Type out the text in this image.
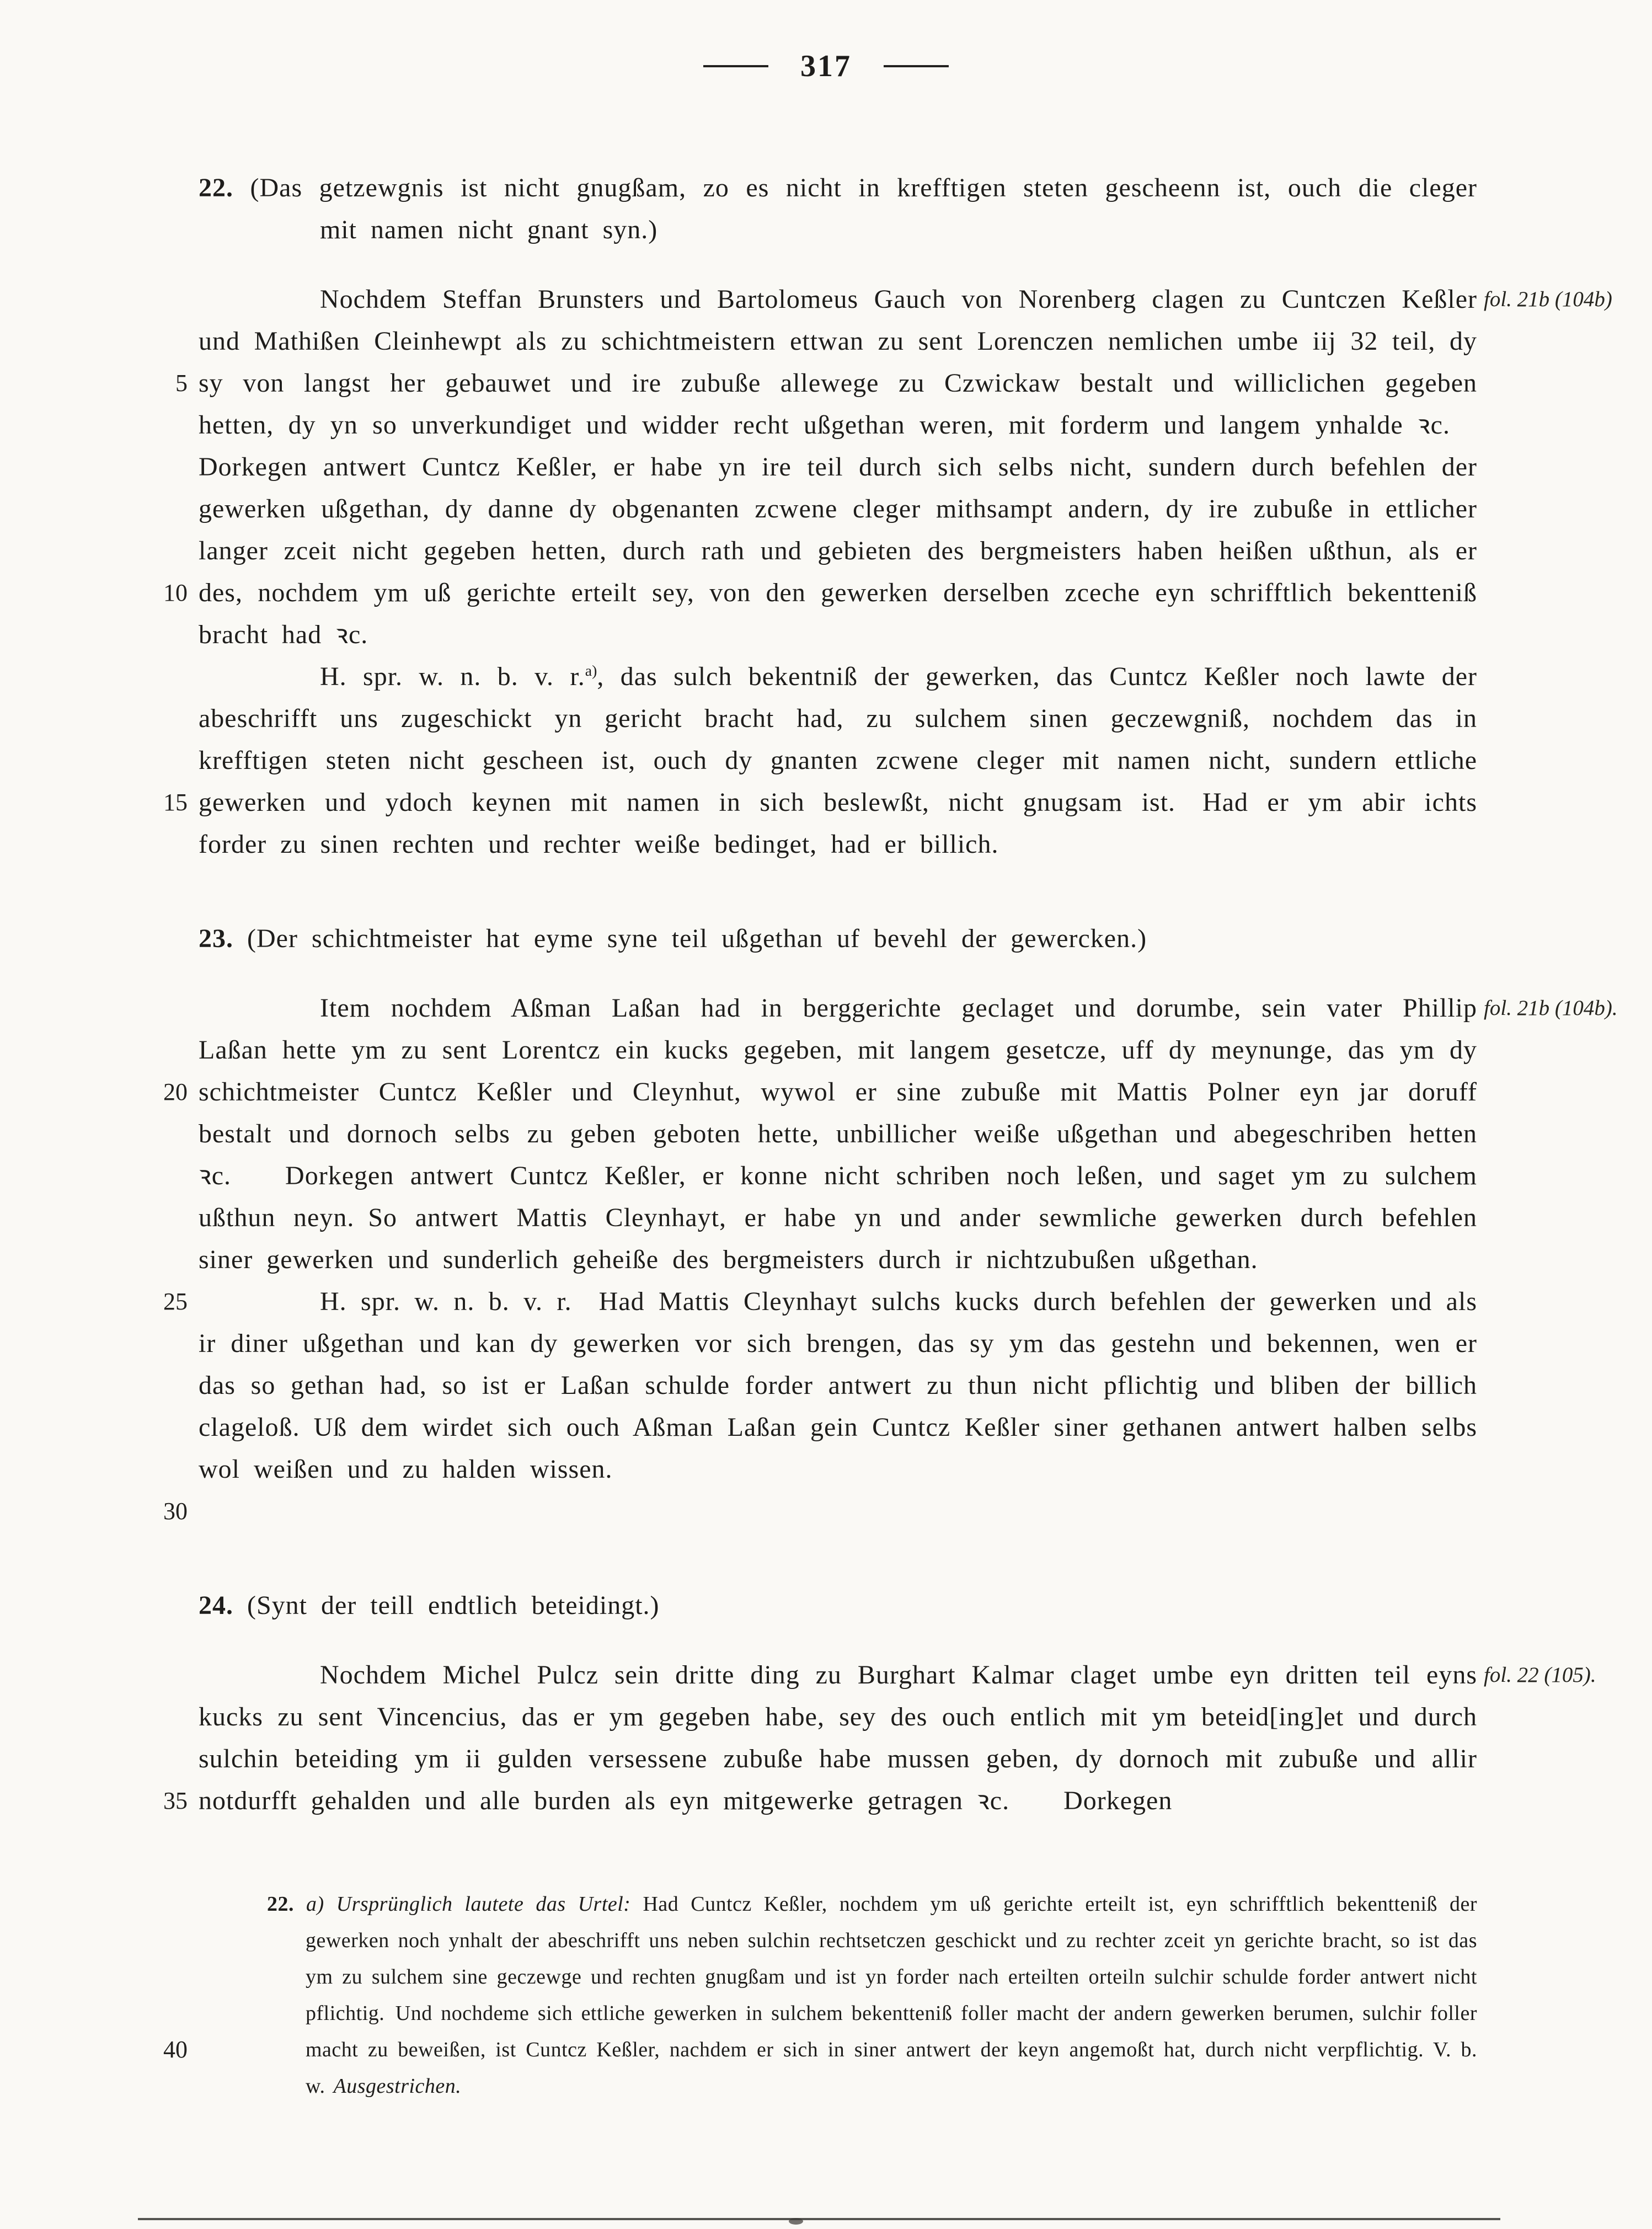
317
5
10
15
20
25
30
35
40
fol. 21b (104b)
fol. 21b (104b).
fol. 22 (105).

22. (Das getzewgnis ist nicht gnugßam, zo es nicht in krefftigen steten gescheenn ist, ouch die cleger mit namen nicht gnant syn.)

Nochdem Steffan Brunsters und Bartolomeus Gauch von Norenberg clagen zu Cuntczen Keßler und Mathißen Cleinhewpt als zu schichtmeistern ettwan zu sent Lorenczen nemlichen umbe iij 32 teil, dy sy von langst her gebauwet und ire zubuße allewege zu Czwickaw bestalt und williclichen gegeben hetten, dy yn so unverkundiget und widder recht ußgethan weren, mit forderm und langem ynhalde ꝛc. Dorkegen antwert Cuntcz Keßler, er habe yn ire teil durch sich selbs nicht, sundern durch befehlen der gewerken ußgethan, dy danne dy obgenanten zcwene cleger mithsampt andern, dy ire zubuße in ettlicher langer zceit nicht gegeben hetten, durch rath und gebieten des bergmeisters haben heißen ußthun, als er des, nochdem ym uß gerichte erteilt sey, von den gewerken derselben zceche eyn schrifftlich bekentteniß bracht had ꝛc.

H. spr. w. n. b. v. r.$^{a)}$, das sulch bekentniß der gewerken, das Cuntcz Keßler noch lawte der abeschrifft uns zugeschickt yn gericht bracht had, zu sulchem sinen geczewgniß, nochdem das in krefftigen steten nicht gescheen ist, ouch dy gnanten zcwene cleger mit namen nicht, sundern ettliche gewerken und ydoch keynen mit namen in sich beslewßt, nicht gnugsam ist. Had er ym abir ichts forder zu sinen rechten und rechter weiße bedinget, had er billich.

23. (Der schichtmeister hat eyme syne teil ußgethan uf bevehl der gewercken.)

Item nochdem Aßman Laßan had in berggerichte geclaget und dorumbe, sein vater Phillip Laßan hette ym zu sent Lorentcz ein kucks gegeben, mit langem gesetcze, uff dy meynunge, das ym dy schichtmeister Cuntcz Keßler und Cleynhut, wywol er sine zubuße mit Mattis Polner eyn jar doruff bestalt und dornoch selbs zu geben geboten hette, unbillicher weiße ußgethan und abegeschriben hetten ꝛc.  Dorkegen antwert Cuntcz Keßler, er konne nicht schriben noch leßen, und saget ym zu sulchem ußthun neyn. So antwert Mattis Cleynhayt, er habe yn und ander sewmliche gewerken durch befehlen siner gewerken und sunderlich geheiße des bergmeisters durch ir nichtzubußen ußgethan.

H. spr. w. n. b. v. r. Had Mattis Cleynhayt sulchs kucks durch befehlen der gewerken und als ir diner ußgethan und kan dy gewerken vor sich brengen, das sy ym das gestehn und bekennen, wen er das so gethan had, so ist er Laßan schulde forder antwert zu thun nicht pflichtig und bliben der billich clageloß. Uß dem wirdet sich ouch Aßman Laßan gein Cuntcz Keßler siner gethanen antwert halben selbs wol weißen und zu halden wissen.

24. (Synt der teill endtlich beteidingt.)

Nochdem Michel Pulcz sein dritte ding zu Burghart Kalmar claget umbe eyn dritten teil eyns kucks zu sent Vincencius, das er ym gegeben habe, sey des ouch entlich mit ym beteid[ing]et und durch sulchin beteiding ym ii gulden versessene zubuße habe mussen geben, dy dornoch mit zubuße und allir notdurfft gehalden und alle burden als eyn mitgewerke getragen ꝛc.  Dorkegen

22. a) Ursprünglich lautete das Urtel: Had Cuntcz Keßler, nochdem ym uß gerichte erteilt ist, eyn schrifftlich bekentteniß der gewerken noch ynhalt der abeschrifft uns neben sulchin rechtsetczen geschickt und zu rechter zceit yn gerichte bracht, so ist das ym zu sulchem sine geczewge und rechten gnugßam und ist yn forder nach erteilten orteiln sulchir schulde forder antwert nicht pflichtig. Und nochdeme sich ettliche gewerken in sulchem bekentteniß foller macht der andern gewerken berumen, sulchir foller macht zu beweißen, ist Cuntcz Keßler, nachdem er sich in siner antwert der keyn angemoßt hat, durch nicht verpflichtig. V. b. w. Ausgestrichen.
